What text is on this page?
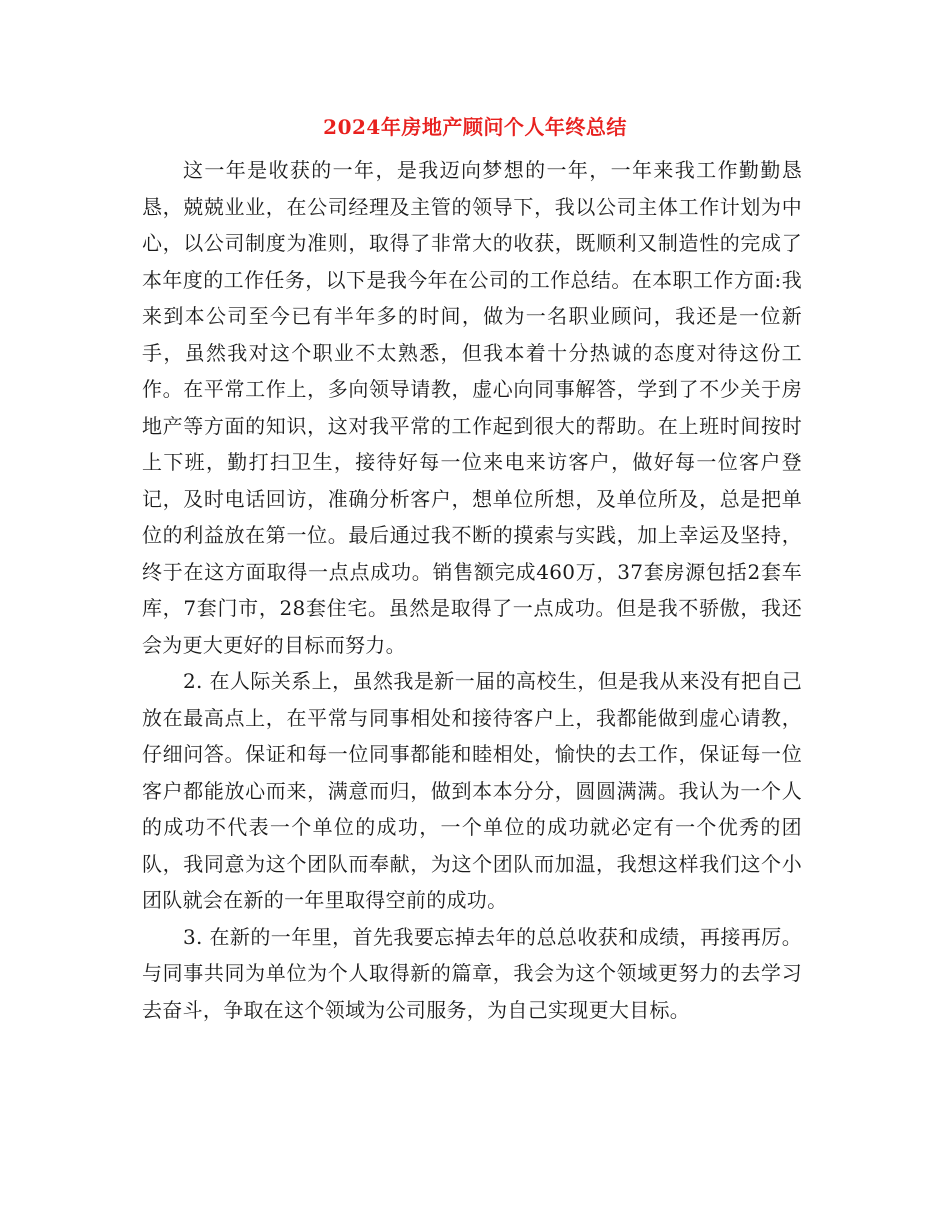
2024年房地产顾问个人年终总结

这一年是收获的一年，是我迈向梦想的一年，一年来我工作勤勤恳恳，兢兢业业，在公司经理及主管的领导下，我以公司主体工作计划为中心，以公司制度为准则，取得了非常大的收获，既顺利又制造性的完成了本年度的工作任务，以下是我今年在公司的工作总结。在本职工作方面:我来到本公司至今已有半年多的时间，做为一名职业顾问，我还是一位新手，虽然我对这个职业不太熟悉，但我本着十分热诚的态度对待这份工作。在平常工作上，多向领导请教，虚心向同事解答，学到了不少关于房地产等方面的知识，这对我平常的工作起到很大的帮助。在上班时间按时上下班，勤打扫卫生，接待好每一位来电来访客户，做好每一位客户登记，及时电话回访，准确分析客户，想单位所想，及单位所及，总是把单位的利益放在第一位。最后通过我不断的摸索与实践，加上幸运及坚持，终于在这方面取得一点点成功。销售额完成460万，37套房源包括2套车库，7套门市，28套住宅。虽然是取得了一点成功。但是我不骄傲，我还会为更大更好的目标而努力。

2. 在人际关系上，虽然我是新一届的高校生，但是我从来没有把自己放在最高点上，在平常与同事相处和接待客户上，我都能做到虚心请教，仔细问答。保证和每一位同事都能和睦相处，愉快的去工作，保证每一位客户都能放心而来，满意而归，做到本本分分，圆圆满满。我认为一个人的成功不代表一个单位的成功，一个单位的成功就必定有一个优秀的团队，我同意为这个团队而奉献，为这个团队而加温，我想这样我们这个小团队就会在新的一年里取得空前的成功。

3. 在新的一年里，首先我要忘掉去年的总总收获和成绩，再接再厉。与同事共同为单位为个人取得新的篇章，我会为这个领域更努力的去学习去奋斗，争取在这个领域为公司服务，为自己实现更大目标。
